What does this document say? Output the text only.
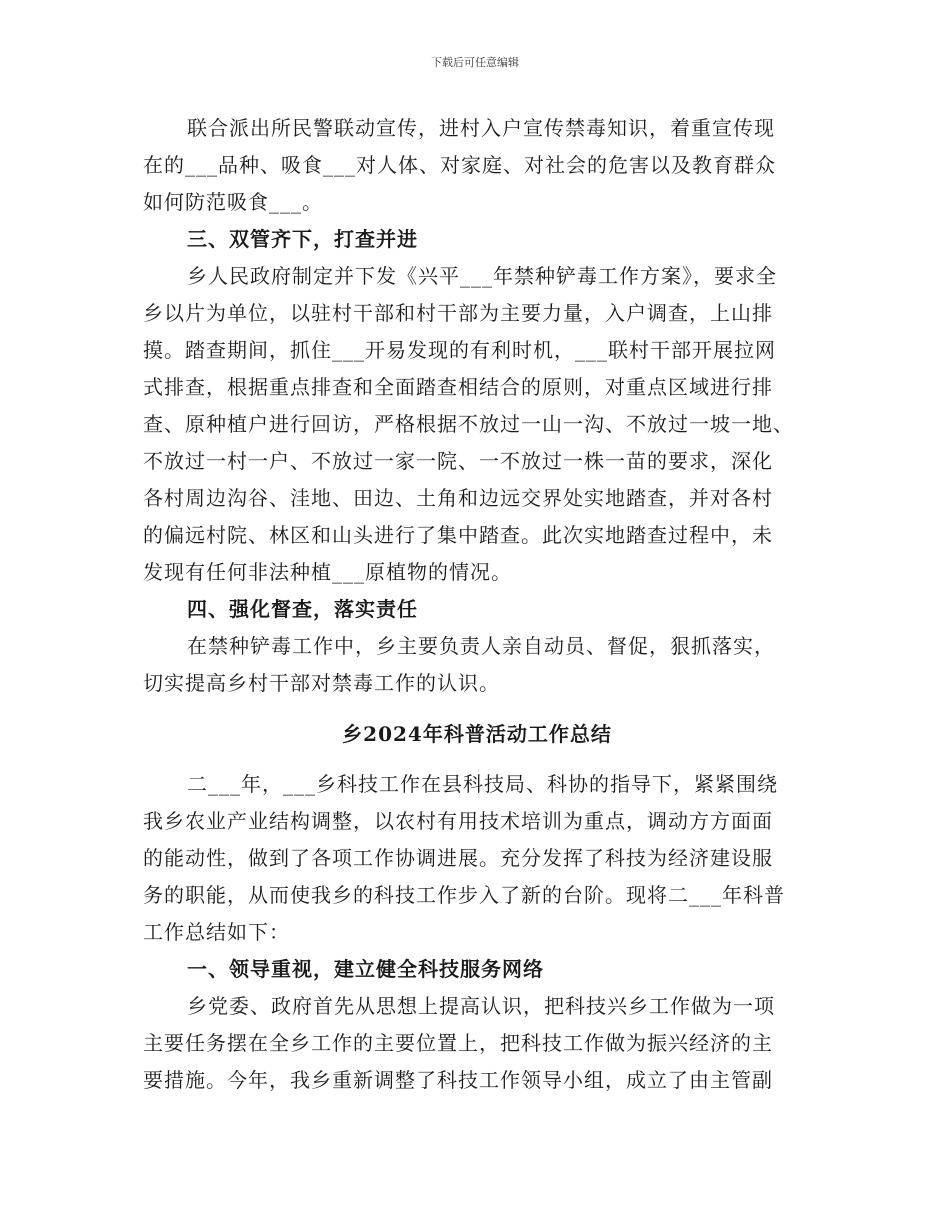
下载后可任意编辑
联合派出所民警联动宣传，进村入户宣传禁毒知识，着重宣传现
在的___品种、吸食___对人体、对家庭、对社会的危害以及教育群众
如何防范吸食___。
三、双管齐下，打查并进
乡人民政府制定并下发《兴平___年禁种铲毒工作方案》，要求全
乡以片为单位，以驻村干部和村干部为主要力量，入户调查，上山排
摸。踏查期间，抓住___开易发现的有利时机，___联村干部开展拉网
式排查，根据重点排查和全面踏查相结合的原则，对重点区域进行排
查、原种植户进行回访，严格根据不放过一山一沟、不放过一坡一地、
不放过一村一户、不放过一家一院、一不放过一株一苗的要求，深化
各村周边沟谷、洼地、田边、土角和边远交界处实地踏查，并对各村
的偏远村院、林区和山头进行了集中踏查。此次实地踏查过程中，未
发现有任何非法种植___原植物的情况。
四、强化督查，落实责任
在禁种铲毒工作中，乡主要负责人亲自动员、督促，狠抓落实，
切实提高乡村干部对禁毒工作的认识。
乡2024年科普活动工作总结
二___年，___乡科技工作在县科技局、科协的指导下，紧紧围绕
我乡农业产业结构调整，以农村有用技术培训为重点，调动方方面面
的能动性，做到了各项工作协调进展。充分发挥了科技为经济建设服
务的职能，从而使我乡的科技工作步入了新的台阶。现将二___年科普
工作总结如下：
一、领导重视，建立健全科技服务网络
乡党委、政府首先从思想上提高认识，把科技兴乡工作做为一项
主要任务摆在全乡工作的主要位置上，把科技工作做为振兴经济的主
要措施。今年，我乡重新调整了科技工作领导小组，成立了由主管副
